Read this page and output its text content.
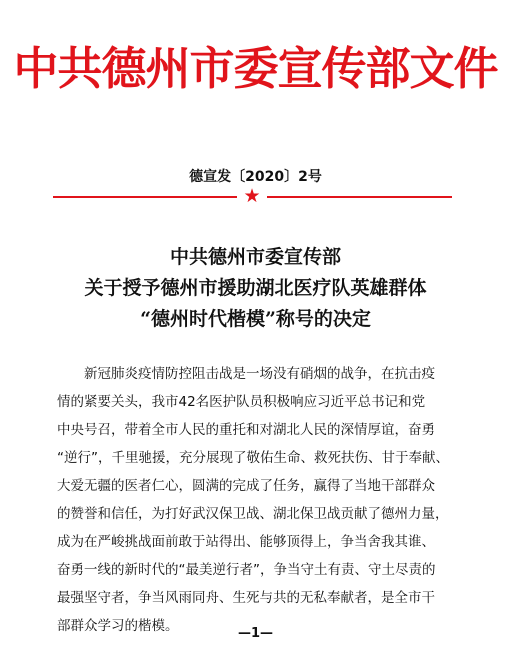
中共德州市委宣传部文件
德宣发〔2020〕2号
★
中共德州市委宣传部
关于授予德州市援助湖北医疗队英雄群体
“德州时代楷模”称号的决定
　　新冠肺炎疫情防控阻击战是一场没有硝烟的战争，在抗击疫
情的紧要关头，我市42名医护队员积极响应习近平总书记和党
中央号召，带着全市人民的重托和对湖北人民的深情厚谊，奋勇
“逆行”，千里驰援，充分展现了敬佑生命、救死扶伤、甘于奉献、
大爱无疆的医者仁心，圆满的完成了任务，赢得了当地干部群众
的赞誉和信任，为打好武汉保卫战、湖北保卫战贡献了德州力量，
成为在严峻挑战面前敢于站得出、能够顶得上，争当舍我其谁、
奋勇一线的新时代的“最美逆行者”，争当守土有责、守土尽责的
最强坚守者，争当风雨同舟、生死与共的无私奉献者，是全市干
部群众学习的楷模。	—1—
